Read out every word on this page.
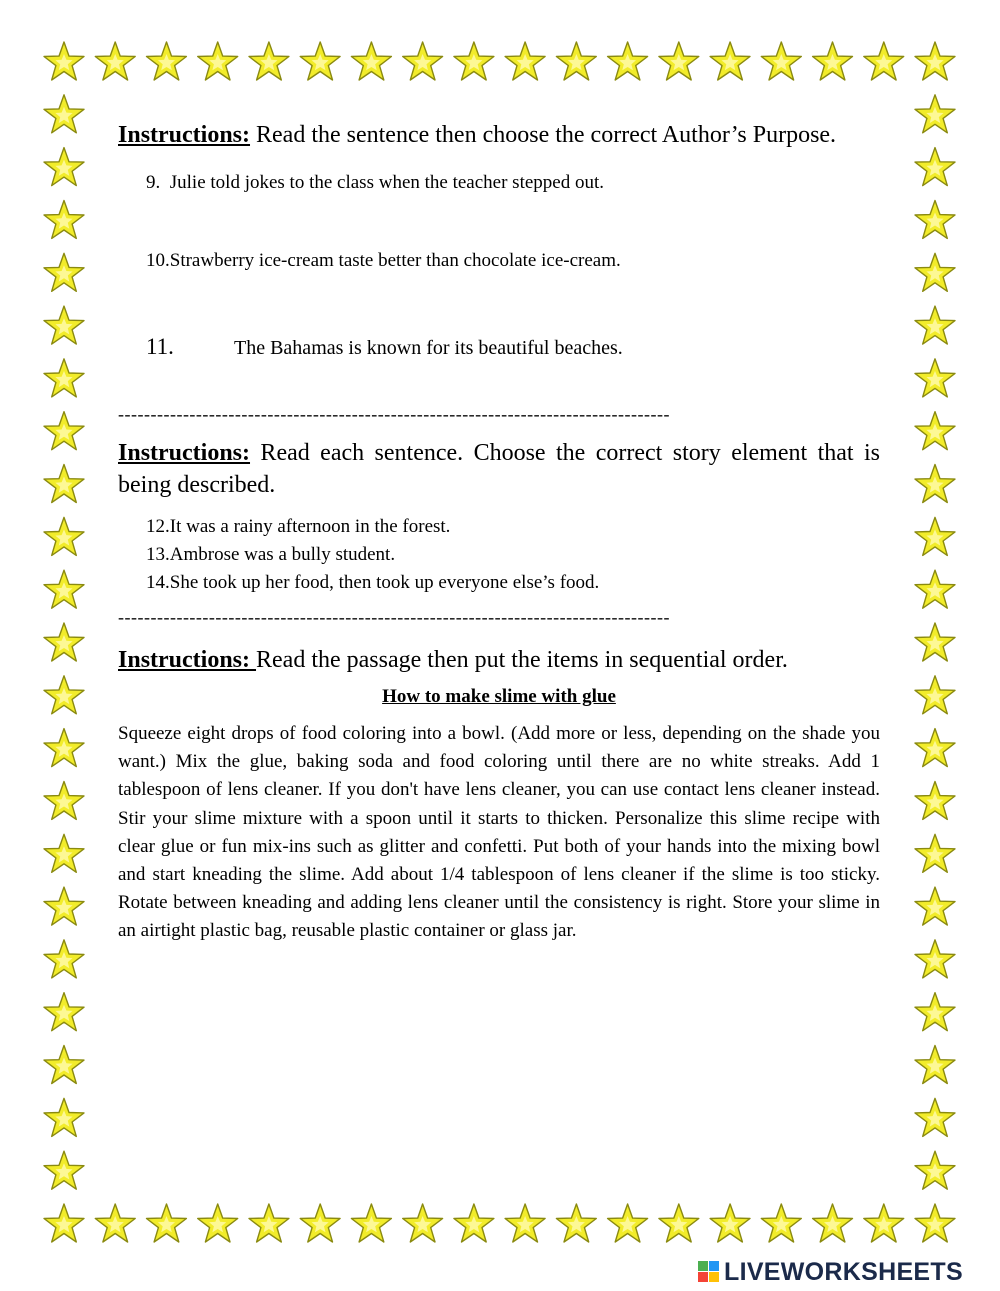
Instructions: Read the sentence then choose the correct Author’s Purpose.

9. Julie told jokes to the class when the teacher stepped out.

10.Strawberry ice-cream taste better than chocolate ice-cream.

11.	The Bahamas is known for its beautiful beaches.

-------------------------------------------------------------------------------------

Instructions: Read each sentence. Choose the correct story element that is being described.

12.It was a rainy afternoon in the forest.

13.Ambrose was a bully student.

14.She took up her food, then took up everyone else’s food.

-------------------------------------------------------------------------------------

Instructions: Read the passage then put the items in sequential order.

How to make slime with glue

Squeeze eight drops of food coloring into a bowl. (Add more or less, depending on the shade you want.) Mix the glue, baking soda and food coloring until there are no white streaks. Add 1 tablespoon of lens cleaner. If you don't have lens cleaner, you can use contact lens cleaner instead. Stir your slime mixture with a spoon until it starts to thicken. Personalize this slime recipe with clear glue or fun mix-ins such as glitter and confetti. Put both of your hands into the mixing bowl and start kneading the slime. Add about 1/4 tablespoon of lens cleaner if the slime is too sticky. Rotate between kneading and adding lens cleaner until the consistency is right. Store your slime in an airtight plastic bag, reusable plastic container or glass jar.

LIVEWORKSHEETS
